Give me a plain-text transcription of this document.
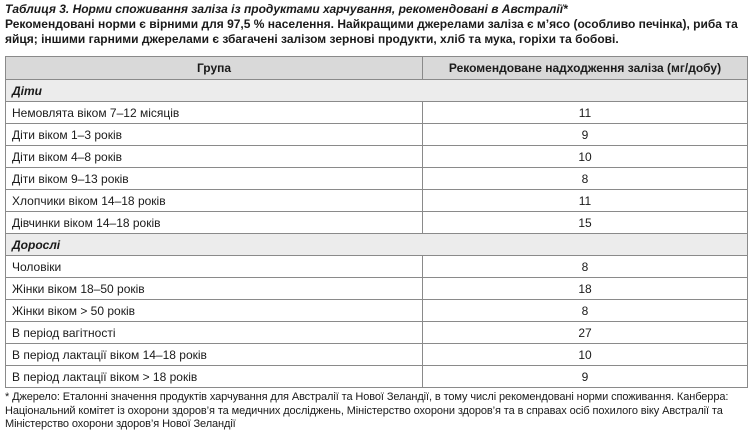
Таблиця 3. Норми споживання заліза із продуктами харчування, рекомендовані в Австралії*
Рекомендовані норми є вірними для 97,5 % населення. Найкращими джерелами заліза є м’ясо (особливо печінка), риба та яйця; іншими гарними джерелами є збагачені залізом зернові продукти, хліб та мука, горіхи та бобові.
Група	Рекомендоване надходження заліза (мг/добу)
Діти	
Немовлята віком 7–12 місяців	11
Діти віком 1–3 років	9
Діти віком 4–8 років	10
Діти віком 9–13 років	8
Хлопчики віком 14–18 років	11
Дівчинки віком 14–18 років	15
Дорослі	
Чоловіки	8
Жінки віком 18–50 років	18
Жінки віком > 50 років	8
В період вагітності	27
В період лактації віком 14–18 років	10
В період лактації віком > 18 років	9
* Джерело: Еталонні значення продуктів харчування для Австралії та Нової Зеландії, в тому числі рекомендовані норми споживання. Канберра: Національний комітет із охорони здоров’я та медичних досліджень, Міністерство охорони здоров’я та в справах осіб похилого віку Австралії та Міністерство охорони здоров’я Нової Зеландії
